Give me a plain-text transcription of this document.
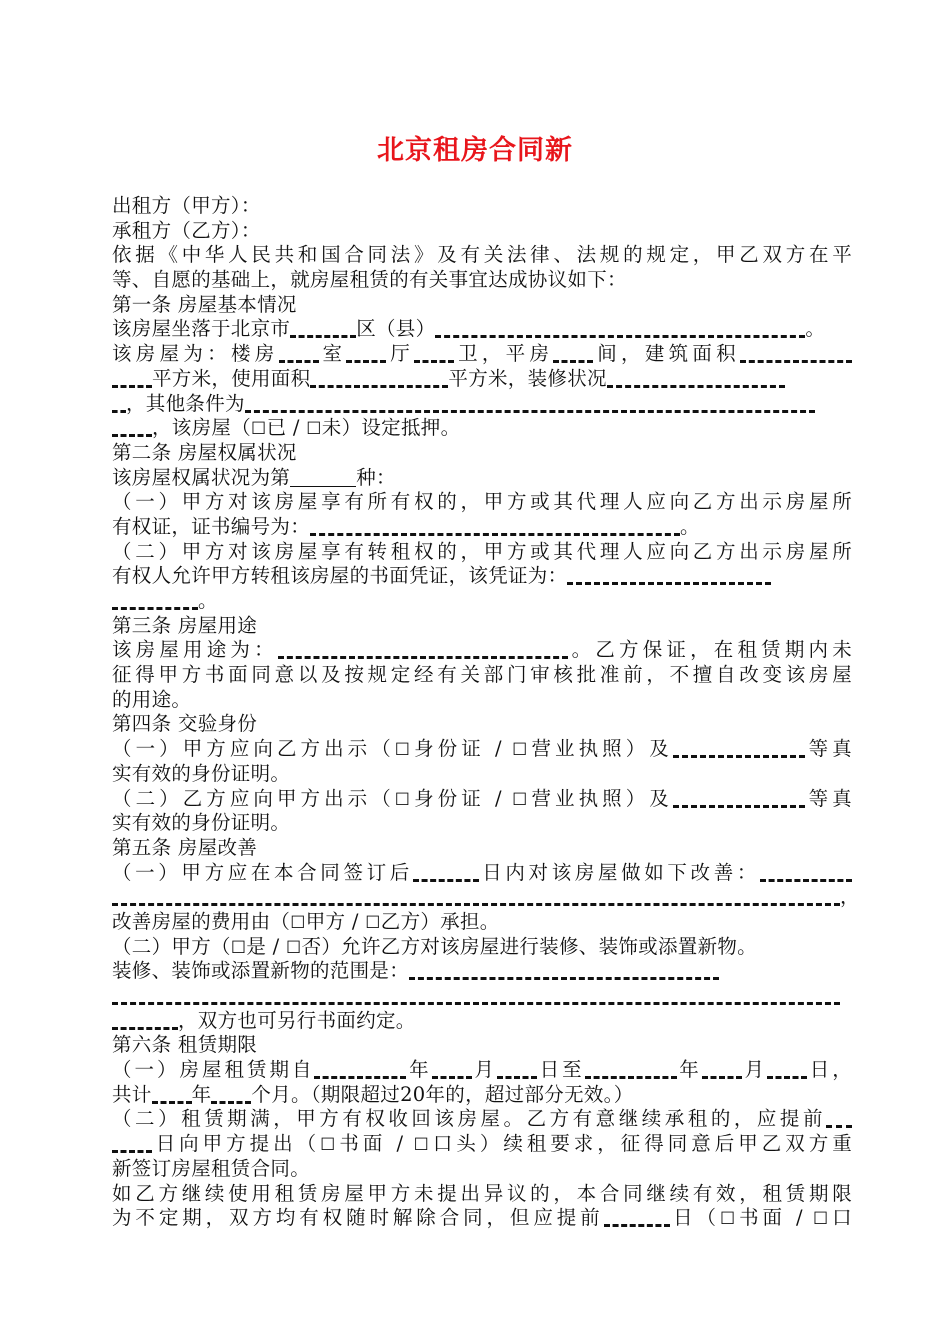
北京租房合同新
出租方（甲方）：
承租方（乙方）：
依据《中华人民共和国合同法》及有关法律、法规的规定，甲乙双方在平
等、自愿的基础上，就房屋租赁的有关事宜达成协议如下：
第一条 房屋基本情况
该房屋坐落于北京市	区（县）	。
该房屋为：楼房 室 厅 卫，平房 间，建筑面积
平方米，使用面积	平方米，装修状况
，其他条件为
，该房屋（☐已 / ☐未）设定抵押。
第二条 房屋权属状况
该房屋权属状况为第	种：
（一）甲方对该房屋享有所有权的，甲方或其代理人应向乙方出示房屋所
有权证，证书编号为：	。
（二）甲方对该房屋享有转租权的，甲方或其代理人应向乙方出示房屋所
有权人允许甲方转租该房屋的书面凭证，该凭证为：
。
第三条 房屋用途
该房屋用途为：	。乙方保证，在租赁期内未
征得甲方书面同意以及按规定经有关部门审核批准前，不擅自改变该房屋
的用途。
第四条 交验身份
（一）甲方应向乙方出示（☐身份证 / ☐营业执照）及	等真
实有效的身份证明。
（二）乙方应向甲方出示（☐身份证 / ☐营业执照）及	等真
实有效的身份证明。
第五条 房屋改善
（一）甲方应在本合同签订后	日内对该房屋做如下改善：
，
改善房屋的费用由（☐甲方 / ☐乙方）承担。
（二）甲方（☐是 / ☐否）允许乙方对该房屋进行装修、装饰或添置新物。
装修、装饰或添置新物的范围是：
，双方也可另行书面约定。
第六条 租赁期限
（一）房屋租赁期自	年 月 日至	年 月 日，
共计 年 个月。（期限超过20年的，超过部分无效。）
（二）租赁期满，甲方有权收回该房屋。乙方有意继续承租的，应提前
日向甲方提出（☐书面 / ☐口头）续租要求，征得同意后甲乙双方重
新签订房屋租赁合同。
如乙方继续使用租赁房屋甲方未提出异议的，本合同继续有效，租赁期限
为不定期，双方均有权随时解除合同，但应提前	日（☐书面 / ☐口
